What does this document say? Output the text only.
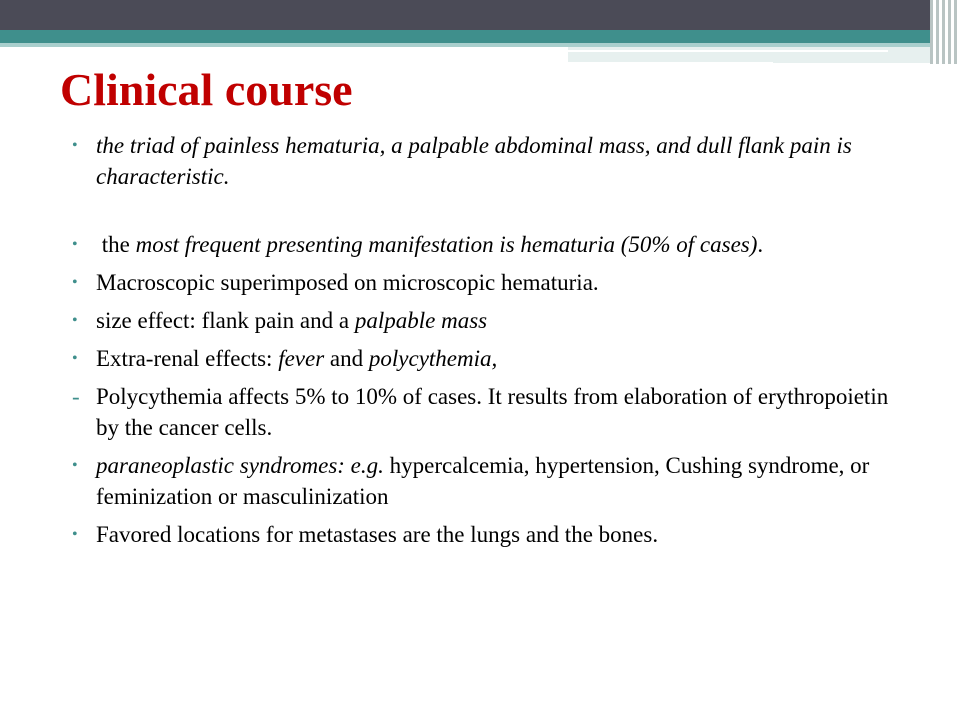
Clinical course
• the triad of painless hematuria, a palpable abdominal mass, and dull flank pain is characteristic.
• the most frequent presenting manifestation is hematuria (50% of cases).
• Macroscopic superimposed on microscopic hematuria.
• size effect: flank pain and a palpable mass
• Extra-renal effects: fever and polycythemia,
- Polycythemia affects 5% to 10% of cases. It results from elaboration of erythropoietin by the cancer cells.
• paraneoplastic syndromes: e.g. hypercalcemia, hypertension, Cushing syndrome, or feminization or masculinization
• Favored locations for metastases are the lungs and the bones.
